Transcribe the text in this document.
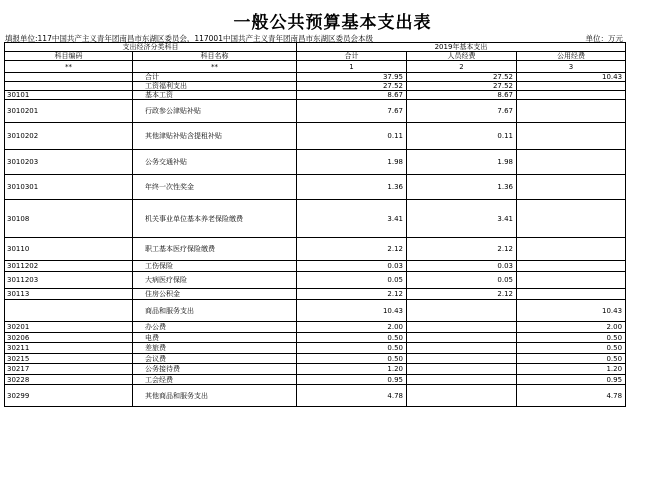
一般公共预算基本支出表
填报单位:117中国共产主义青年团南昌市东湖区委员会，117001中国共产主义青年团南昌市东湖区委员会本级	单位：万元
支出经济分类科目		2019年基本支出		
科目编码	科目名称	合计	人员经费	公用经费
**	**	1	2	3
	合计	37.95	27.52	10.43
	工资福利支出	27.52	27.52	
30101	基本工资	8.67	8.67	
3010201	行政参公津贴补贴	7.67	7.67	
3010202	其他津贴补贴含提租补贴	0.11	0.11	
3010203	公务交通补贴	1.98	1.98	
3010301	年终一次性奖金	1.36	1.36	
30108	机关事业单位基本养老保险缴费	3.41	3.41	
30110	职工基本医疗保险缴费	2.12	2.12	
3011202	工伤保险	0.03	0.03	
3011203	大病医疗保险	0.05	0.05	
30113	住房公积金	2.12	2.12	
	商品和服务支出	10.43		10.43
30201	办公费	2.00		2.00
30206	电费	0.50		0.50
30211	差旅费	0.50		0.50
30215	会议费	0.50		0.50
30217	公务接待费	1.20		1.20
30228	工会经费	0.95		0.95
30299	其他商品和服务支出	4.78		4.78
